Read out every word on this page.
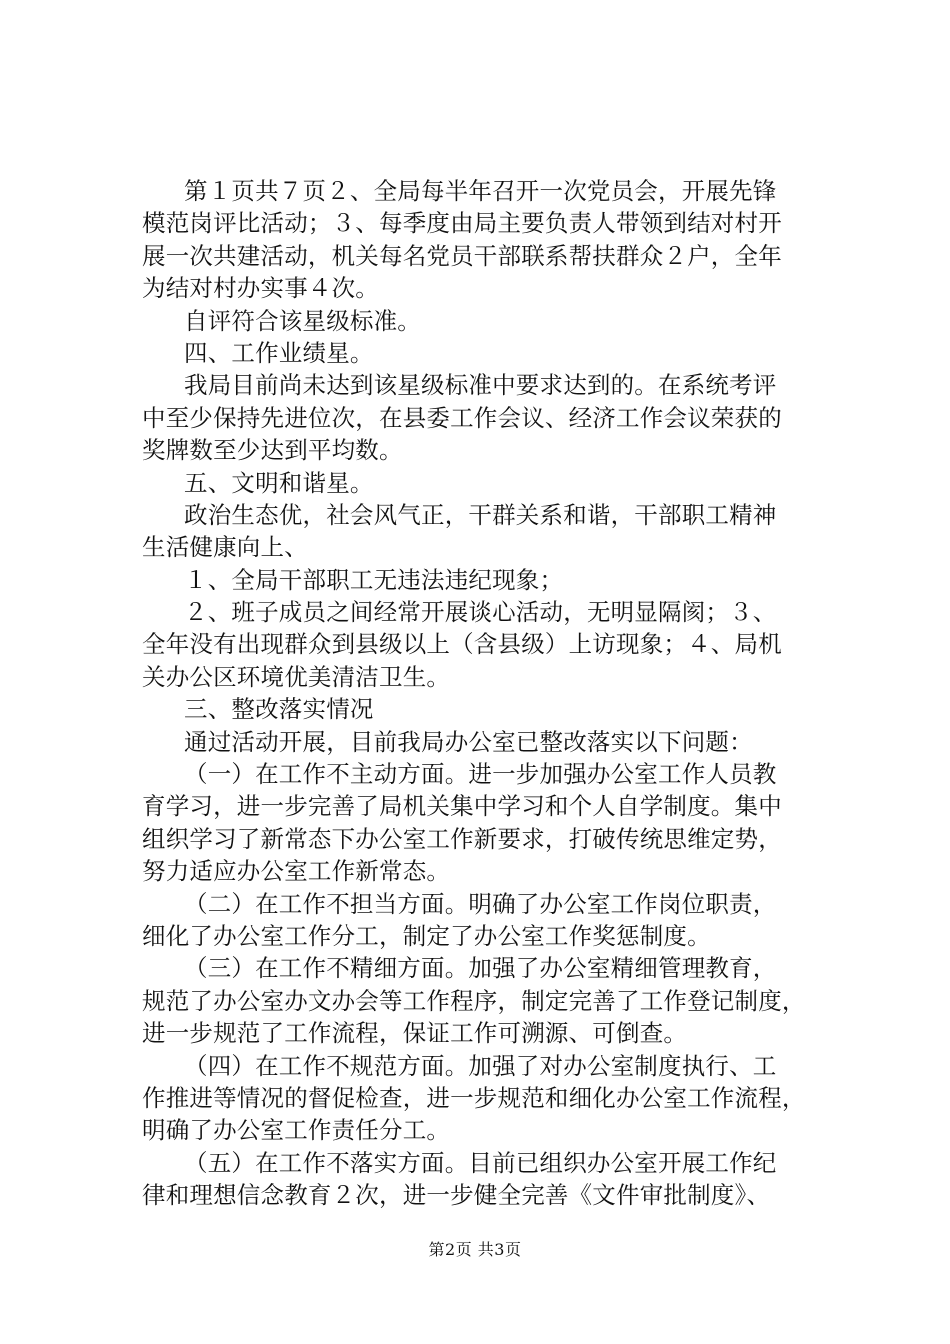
第１页共７页２、全局每半年召开一次党员会，开展先锋
模范岗评比活动；３、每季度由局主要负责人带领到结对村开
展一次共建活动，机关每名党员干部联系帮扶群众２户，全年
为结对村办实事４次。
自评符合该星级标准。
四、工作业绩星。
我局目前尚未达到该星级标准中要求达到的。在系统考评
中至少保持先进位次，在县委工作会议、经济工作会议荣获的
奖牌数至少达到平均数。
五、文明和谐星。
政治生态优，社会风气正，干群关系和谐，干部职工精神
生活健康向上、
１、全局干部职工无违法违纪现象；
２、班子成员之间经常开展谈心活动，无明显隔阂；３、
全年没有出现群众到县级以上（含县级）上访现象；４、局机
关办公区环境优美清洁卫生。
三、整改落实情况
通过活动开展，目前我局办公室已整改落实以下问题：
（一）在工作不主动方面。进一步加强办公室工作人员教
育学习，进一步完善了局机关集中学习和个人自学制度。集中
组织学习了新常态下办公室工作新要求，打破传统思维定势，
努力适应办公室工作新常态。
（二）在工作不担当方面。明确了办公室工作岗位职责，
细化了办公室工作分工，制定了办公室工作奖惩制度。
（三）在工作不精细方面。加强了办公室精细管理教育，
规范了办公室办文办会等工作程序，制定完善了工作登记制度，
进一步规范了工作流程，保证工作可溯源、可倒查。
（四）在工作不规范方面。加强了对办公室制度执行、工
作推进等情况的督促检查，进一步规范和细化办公室工作流程，
明确了办公室工作责任分工。
（五）在工作不落实方面。目前已组织办公室开展工作纪
律和理想信念教育２次，进一步健全完善《文件审批制度》、
第2页 共3页
